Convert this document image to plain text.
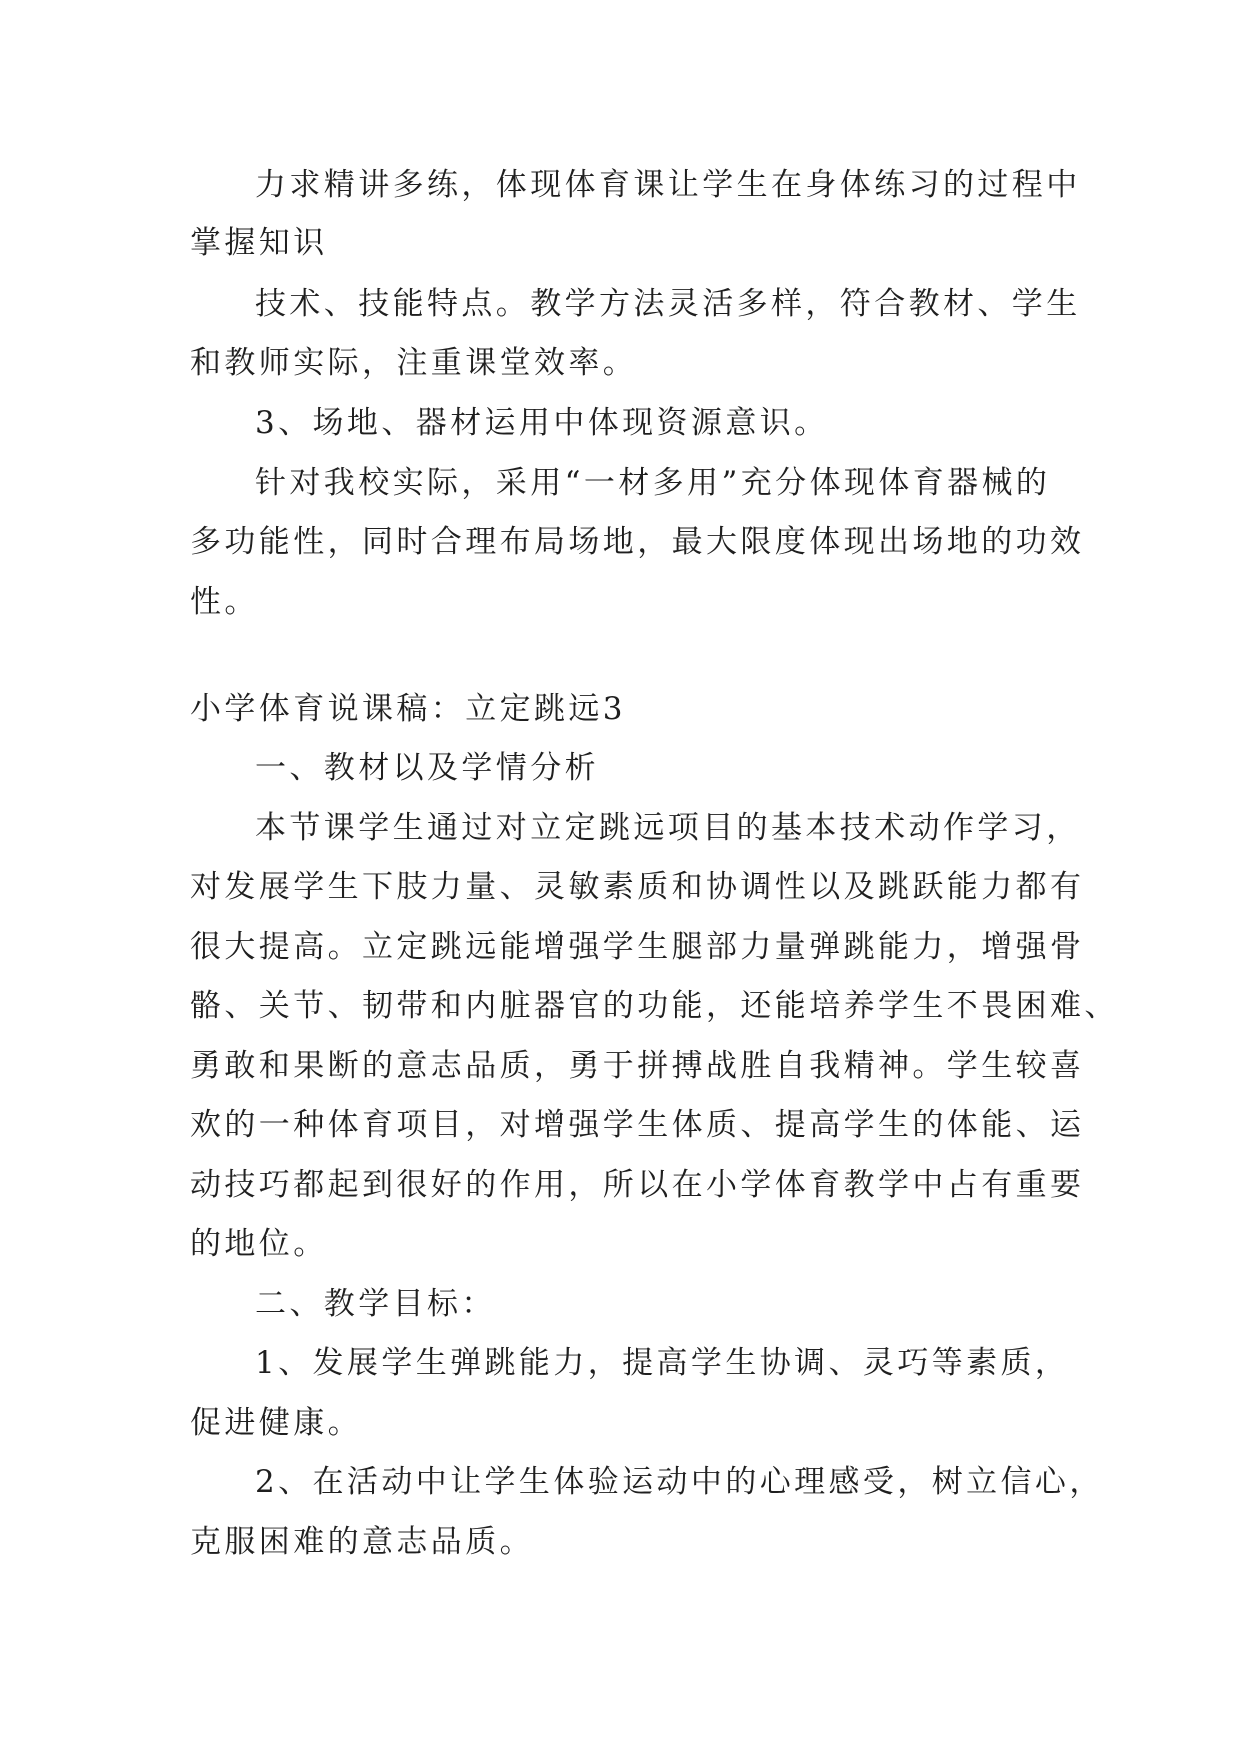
力求精讲多练，体现体育课让学生在身体练习的过程中
掌握知识
技术、技能特点。教学方法灵活多样，符合教材、学生
和教师实际，注重课堂效率。
3、场地、器材运用中体现资源意识。
针对我校实际，采用“一材多用”充分体现体育器械的
多功能性，同时合理布局场地，最大限度体现出场地的功效
性。
小学体育说课稿：立定跳远3
一、教材以及学情分析
本节课学生通过对立定跳远项目的基本技术动作学习，
对发展学生下肢力量、灵敏素质和协调性以及跳跃能力都有
很大提高。立定跳远能增强学生腿部力量弹跳能力，增强骨
骼、关节、韧带和内脏器官的功能，还能培养学生不畏困难、
勇敢和果断的意志品质，勇于拼搏战胜自我精神。学生较喜
欢的一种体育项目，对增强学生体质、提高学生的体能、运
动技巧都起到很好的作用，所以在小学体育教学中占有重要
的地位。
二、教学目标：
1、发展学生弹跳能力，提高学生协调、灵巧等素质，
促进健康。
2、在活动中让学生体验运动中的心理感受，树立信心，
克服困难的意志品质。
